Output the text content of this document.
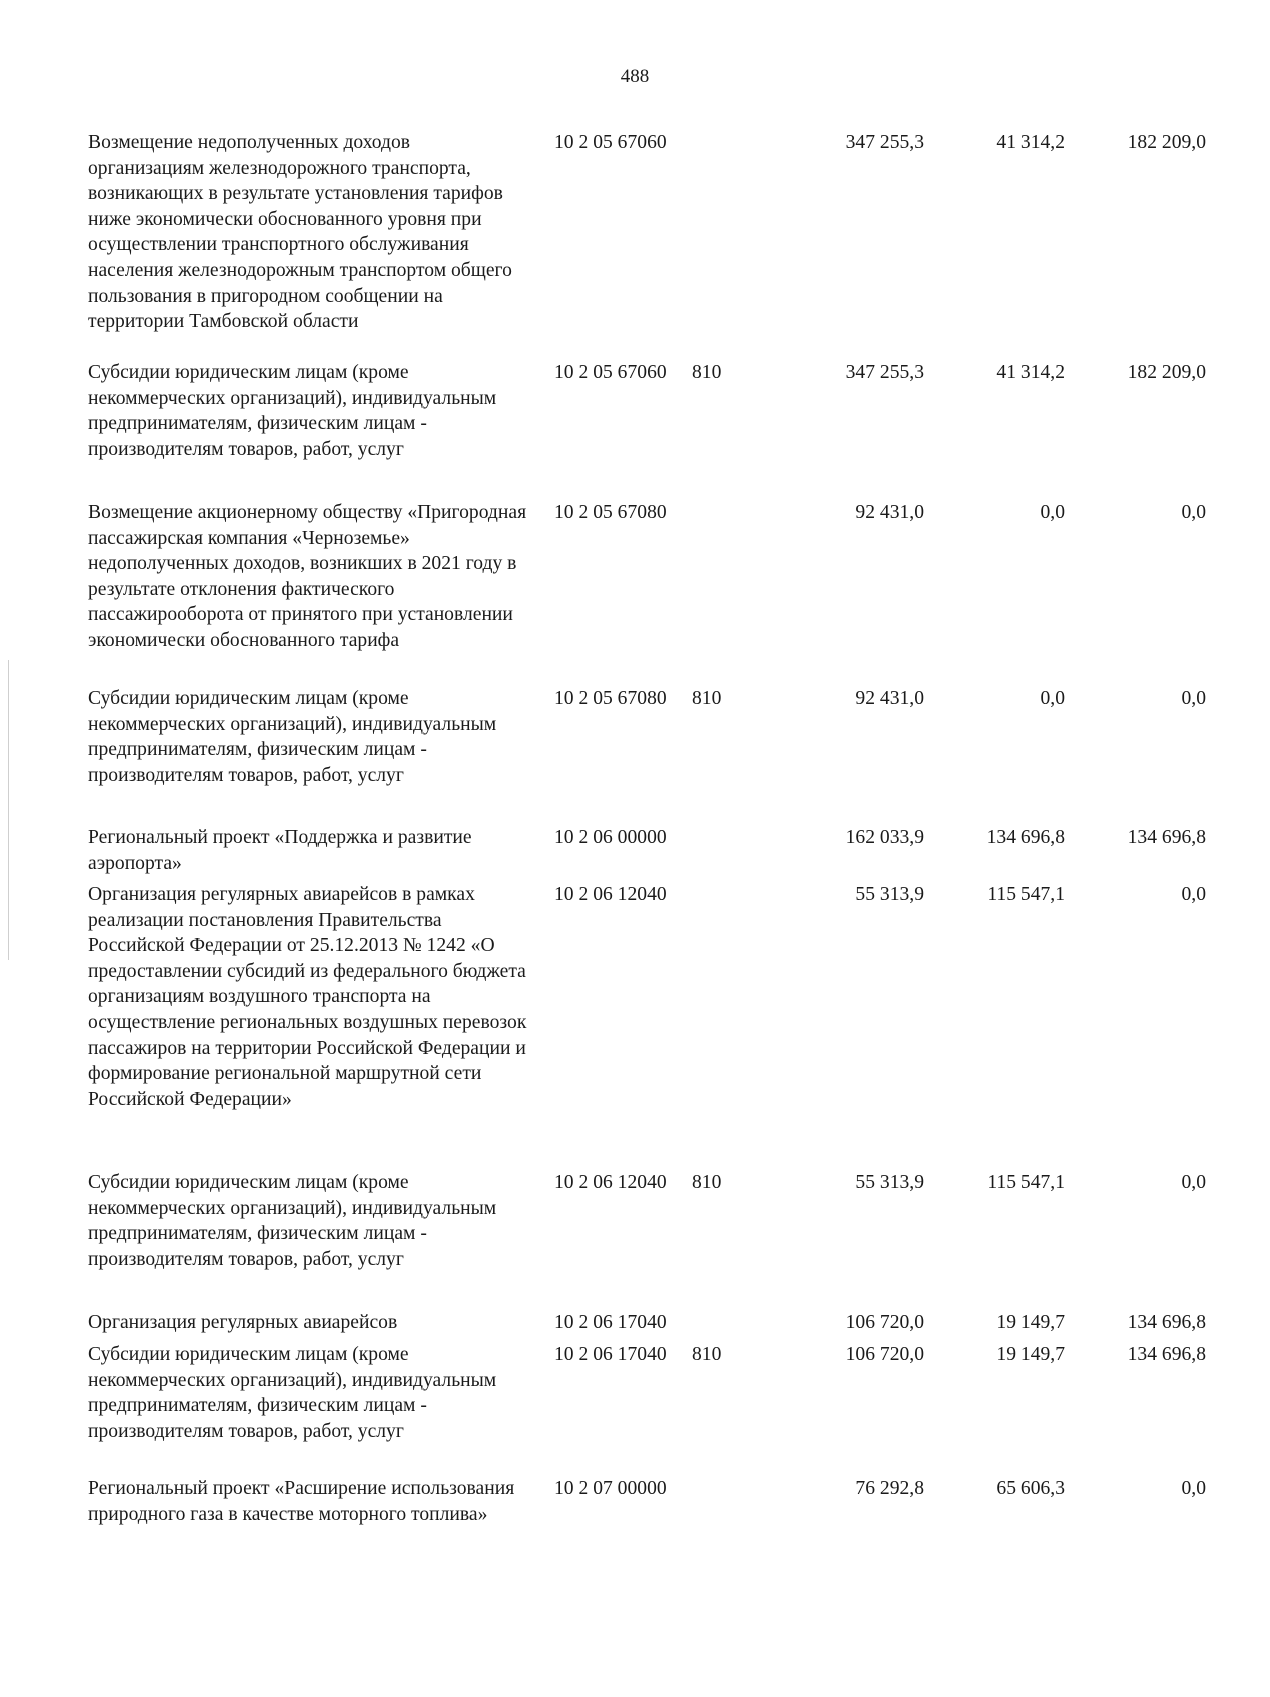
488
Возмещение недополученных доходов организациям железнодорожного транспорта, возникающих в результате установления тарифов ниже экономически обоснованного уровня при осуществлении транспортного обслуживания населения железнодорожным транспортом общего пользования в пригородном сообщении на территории Тамбовской области
10 2 05 67060	347 255,3	41 314,2	182 209,0
Субсидии юридическим лицам (кроме некоммерческих организаций), индивидуальным предпринимателям, физическим лицам - производителям товаров, работ, услуг
10 2 05 67060 810	347 255,3	41 314,2	182 209,0
Возмещение акционерному обществу «Пригородная пассажирская компания «Черноземье» недополученных доходов, возникших в 2021 году в результате отклонения фактического пассажирооборота от принятого при установлении экономически обоснованного тарифа
10 2 05 67080	92 431,0	0,0	0,0
Субсидии юридическим лицам (кроме некоммерческих организаций), индивидуальным предпринимателям, физическим лицам - производителям товаров, работ, услуг
10 2 05 67080 810	92 431,0	0,0	0,0
Региональный проект «Поддержка и развитие аэропорта»
10 2 06 00000	162 033,9	134 696,8	134 696,8
Организация регулярных авиарейсов в рамках реализации постановления Правительства Российской Федерации от 25.12.2013 № 1242 «О предоставлении субсидий из федерального бюджета организациям воздушного транспорта на осуществление региональных воздушных перевозок пассажиров на территории Российской Федерации и формирование региональной маршрутной сети Российской Федерации»
10 2 06 12040	55 313,9	115 547,1	0,0
Субсидии юридическим лицам (кроме некоммерческих организаций), индивидуальным предпринимателям, физическим лицам - производителям товаров, работ, услуг
10 2 06 12040 810	55 313,9	115 547,1	0,0
Организация регулярных авиарейсов	10 2 06 17040	106 720,0	19 149,7	134 696,8
Субсидии юридическим лицам (кроме некоммерческих организаций), индивидуальным предпринимателям, физическим лицам - производителям товаров, работ, услуг
10 2 06 17040 810	106 720,0	19 149,7	134 696,8
Региональный проект «Расширение использования природного газа в качестве моторного топлива»
10 2 07 00000	76 292,8	65 606,3	0,0
